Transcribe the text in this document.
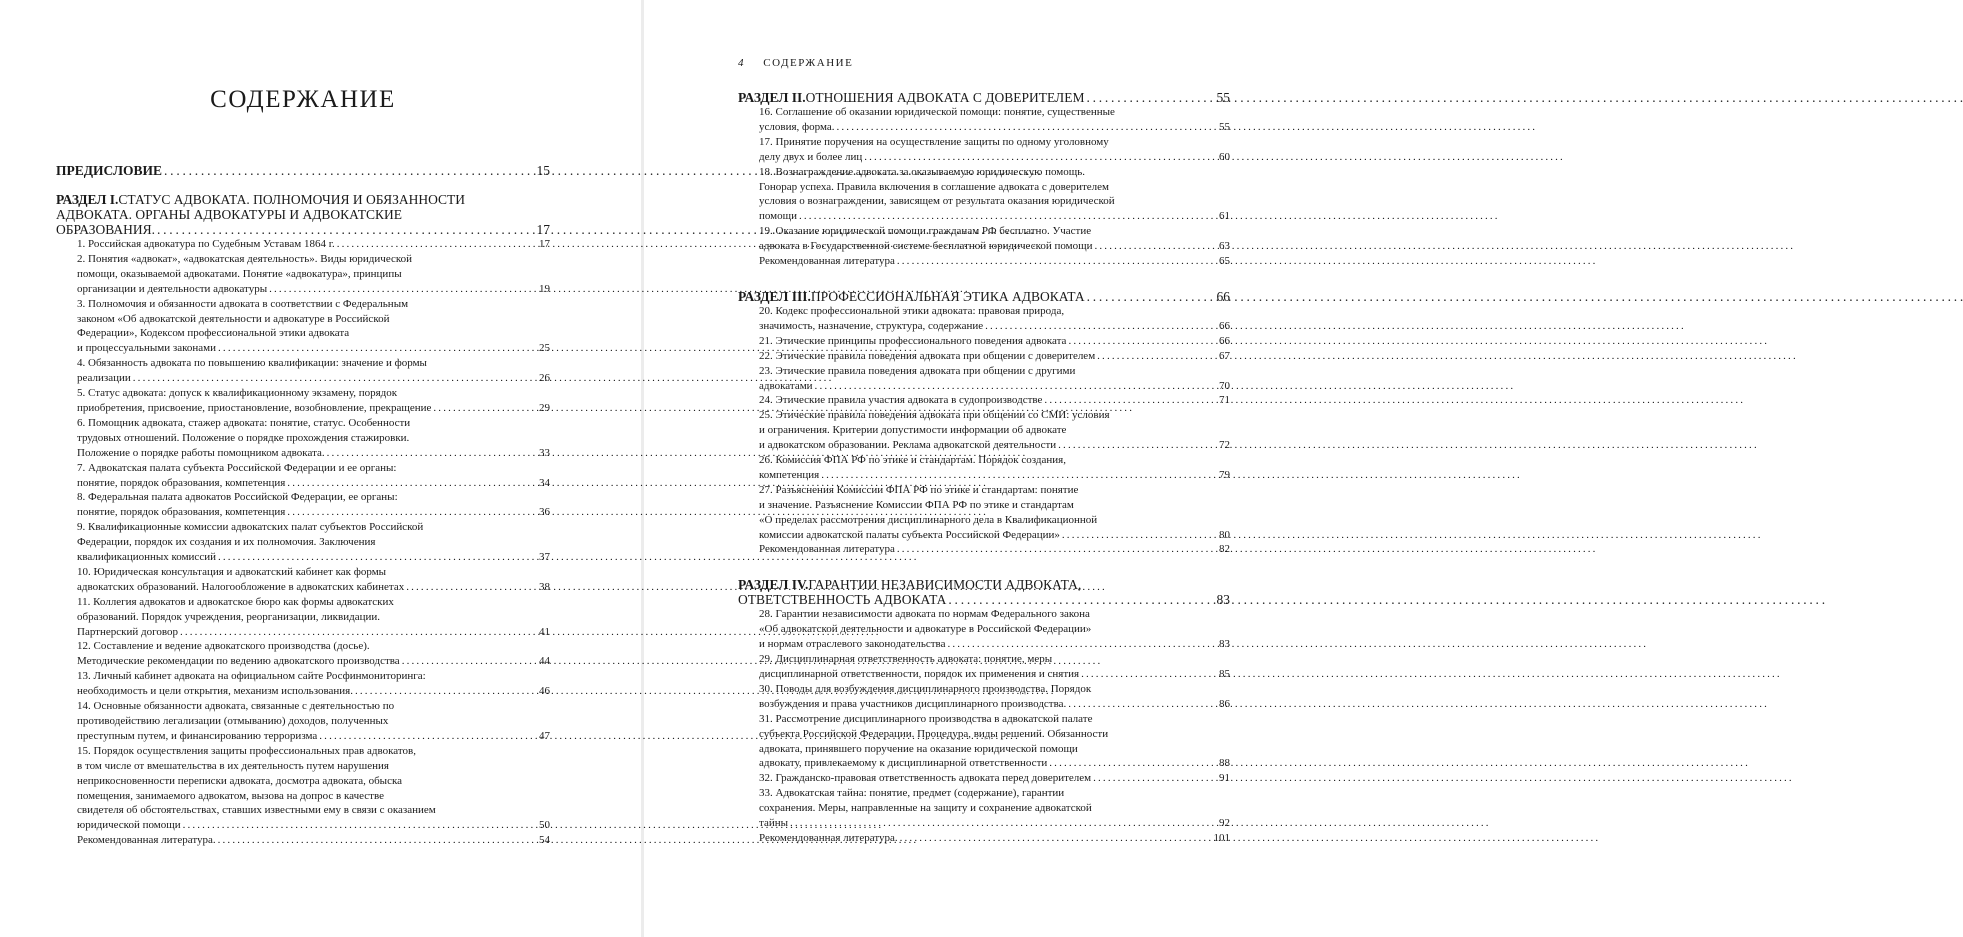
СОДЕРЖАНИЕ
4 СОДЕРЖАНИЕ
ПРЕДИСЛОВИЕ . . .	15
РАЗДЕЛ I. СТАТУС АДВОКАТА. ПОЛНОМОЧИЯ И ОБЯЗАННОСТИ
АДВОКАТА. ОРГАНЫ АДВОКАТУРЫ И АДВОКАТСКИЕ
ОБРАЗОВАНИЯ. . . .	17
1. Российская адвокатура по Судебным Уставам 1864 г. . . .	17
2. Понятия «адвокат», «адвокатская деятельность». Виды юридической
помощи, оказываемой адвокатами. Понятие «адвокатура», принципы
организации и деятельности адвокатуры . . .	19
3. Полномочия и обязанности адвоката в соответствии с Федеральным
законом «Об адвокатской деятельности и адвокатуре в Российской
Федерации», Кодексом профессиональной этики адвоката
и процессуальными законами . . .	25
4. Обязанность адвоката по повышению квалификации: значение и формы
реализации . . .	26
5. Статус адвоката: допуск к квалификационному экзамену, порядок
приобретения, присвоение, приостановление, возобновление, прекращение . . .	29
6. Помощник адвоката, стажер адвоката: понятие, статус. Особенности
трудовых отношений. Положение о порядке прохождения стажировки.
Положение о порядке работы помощником адвоката. . . .	33
7. Адвокатская палата субъекта Российской Федерации и ее органы:
понятие, порядок образования, компетенция . . .	34
8. Федеральная палата адвокатов Российской Федерации, ее органы:
понятие, порядок образования, компетенция . . .	36
9. Квалификационные комиссии адвокатских палат субъектов Российской
Федерации, порядок их создания и их полномочия. Заключения
квалификационных комиссий . . .	37
10. Юридическая консультация и адвокатский кабинет как формы
адвокатских образований. Налогообложение в адвокатских кабинетах . . .	38
11. Коллегия адвокатов и адвокатское бюро как формы адвокатских
образований. Порядок учреждения, реорганизации, ликвидации.
Партнерский договор . . .	41
12. Составление и ведение адвокатского производства (досье).
Методические рекомендации по ведению адвокатского производства . . .	44
13. Личный кабинет адвоката на официальном сайте Росфинмониторинга:
необходимость и цели открытия, механизм использования. . . .	46
14. Основные обязанности адвоката, связанные с деятельностью по
противодействию легализации (отмыванию) доходов, полученных
преступным путем, и финансированию терроризма . . .	47
15. Порядок осуществления защиты профессиональных прав адвокатов,
в том числе от вмешательства в их деятельность путем нарушения
неприкосновенности переписки адвоката, досмотра адвоката, обыска
помещения, занимаемого адвокатом, вызова на допрос в качестве
свидетеля об обстоятельствах, ставших известными ему в связи с оказанием
юридической помощи . . .	50
Рекомендованная литература. . . .	54
РАЗДЕЛ II. ОТНОШЕНИЯ АДВОКАТА С ДОВЕРИТЕЛЕМ . . .	55
16. Соглашение об оказании юридической помощи: понятие, существенные
условия, форма. . . .	55
17. Принятие поручения на осуществление защиты по одному уголовному
делу двух и более лиц . . .	60
18. Вознаграждение адвоката за оказываемую юридическую помощь.
Гонорар успеха. Правила включения в соглашение адвоката с доверителем
условия о вознаграждении, зависящем от результата оказания юридической
помощи . . .	61
19. Оказание юридической помощи гражданам РФ бесплатно. Участие
адвоката в Государственной системе бесплатной юридической помощи . . .	63
Рекомендованная литература . . .	65
РАЗДЕЛ III. ПРОФЕССИОНАЛЬНАЯ ЭТИКА АДВОКАТА . . .	66
20. Кодекс профессиональной этики адвоката: правовая природа,
значимость, назначение, структура, содержание . . .	66
21. Этические принципы профессионального поведения адвоката . . .	66
22. Этические правила поведения адвоката при общении с доверителем . . .	67
23. Этические правила поведения адвоката при общении с другими
адвокатами . . .	70
24. Этические правила участия адвоката в судопроизводстве . . .	71
25. Этические правила поведения адвоката при общении со СМИ: условия
и ограничения. Критерии допустимости информации об адвокате
и адвокатском образовании. Реклама адвокатской деятельности . . .	72
26. Комиссия ФПА РФ по этике и стандартам. Порядок создания,
компетенция . . .	79
27. Разъяснения Комиссии ФПА РФ по этике и стандартам: понятие
и значение. Разъяснение Комиссии ФПА РФ по этике и стандартам
«О пределах рассмотрения дисциплинарного дела в Квалификационной
комиссии адвокатской палаты субъекта Российской Федерации» . . .	80
Рекомендованная литература . . .	82
РАЗДЕЛ IV. ГАРАНТИИ НЕЗАВИСИМОСТИ АДВОКАТА,
ОТВЕТСТВЕННОСТЬ АДВОКАТА . . .	83
28. Гарантии независимости адвоката по нормам Федерального закона
«Об адвокатской деятельности и адвокатуре в Российской Федерации»
и нормам отраслевого законодательства . . .	83
29. Дисциплинарная ответственность адвоката: понятие, меры
дисциплинарной ответственности, порядок их применения и снятия . . .	85
30. Поводы для возбуждения дисциплинарного производства. Порядок
возбуждения и права участников дисциплинарного производства. . . .	86
31. Рассмотрение дисциплинарного производства в адвокатской палате
субъекта Российской Федерации. Процедура, виды решений. Обязанности
адвоката, принявшего поручение на оказание юридической помощи
адвокату, привлекаемому к дисциплинарной ответственности . . .	88
32. Гражданско-правовая ответственность адвоката перед доверителем . . .	91
33. Адвокатская тайна: понятие, предмет (содержание), гарантии
сохранения. Меры, направленные на защиту и сохранение адвокатской
тайны . . .	92
Рекомендованная литература. . . .	101
